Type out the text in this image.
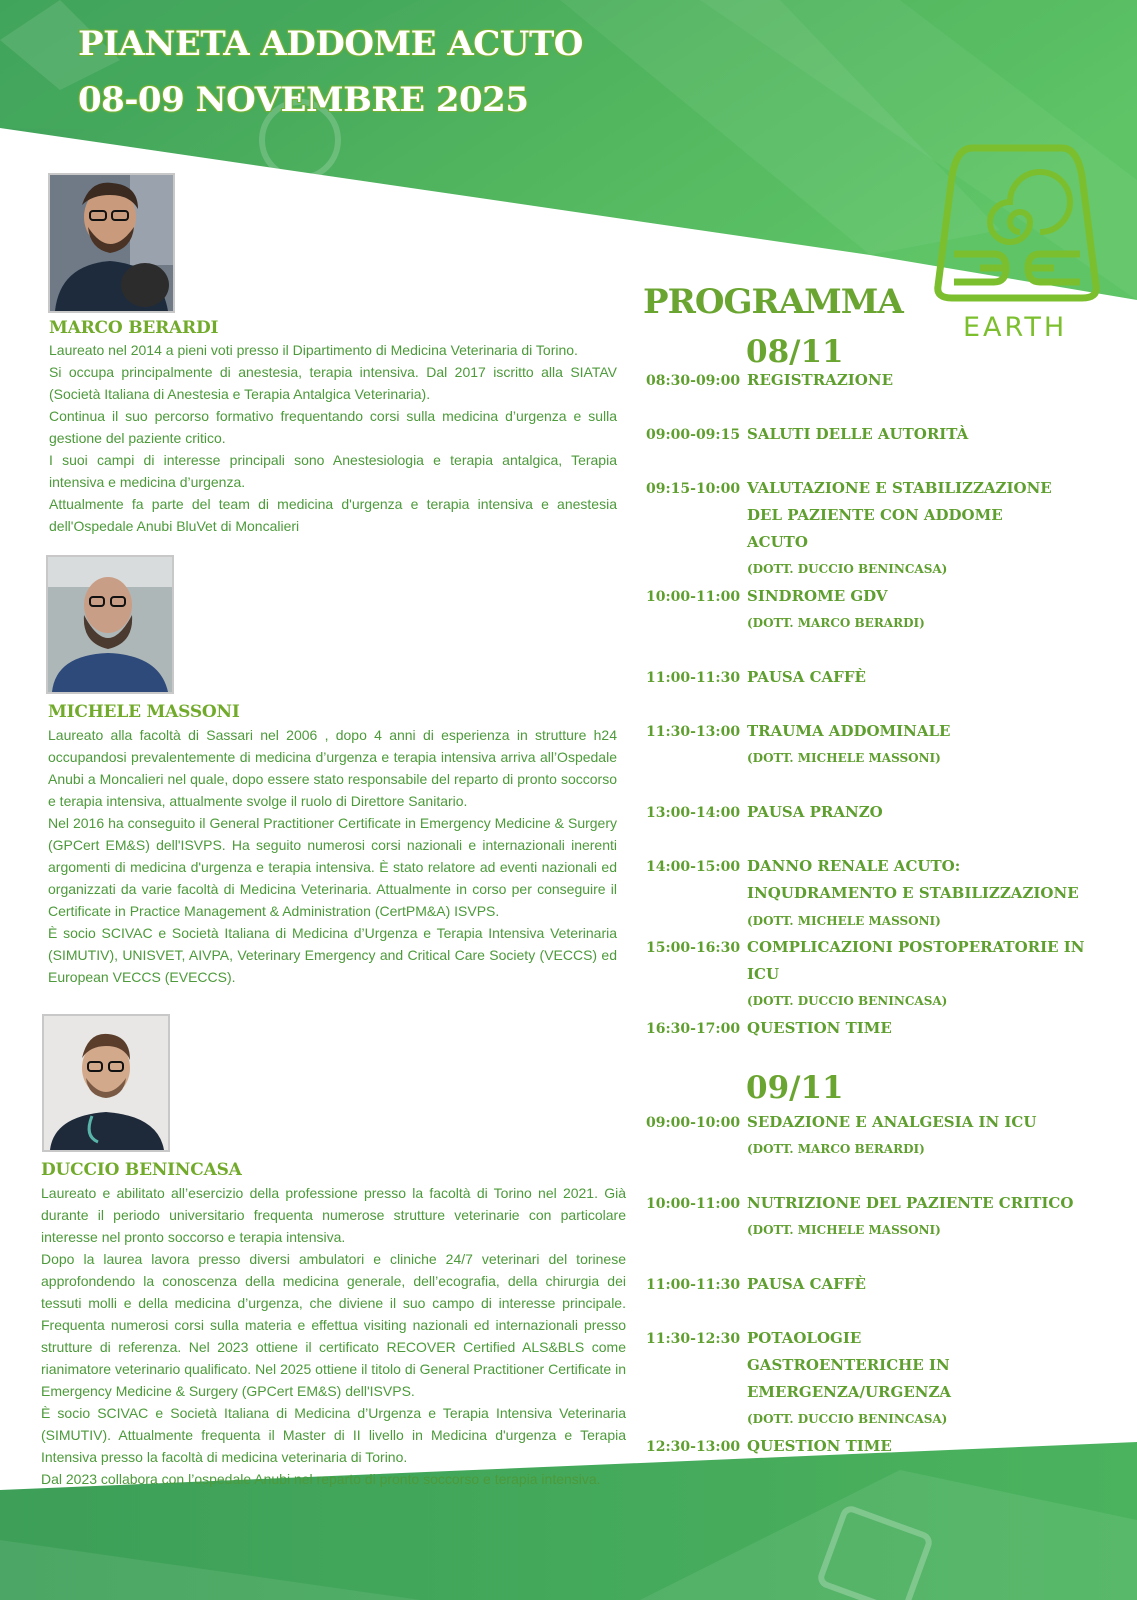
PIANETA ADDOME ACUTO
08-09 NOVEMBRE 2025
EARTH
MARCO BERARDI

Laureato nel 2014 a pieni voti presso il Dipartimento di Medicina Veterinaria di Torino.

Si occupa principalmente di anestesia, terapia intensiva. Dal 2017 iscritto alla SIATAV (Società Italiana di Anestesia e Terapia Antalgica Veterinaria).

Continua il suo percorso formativo frequentando corsi sulla medicina d’urgenza e sulla gestione del paziente critico.

I suoi campi di interesse principali sono Anestesiologia e terapia antalgica, Terapia intensiva e medicina d’urgenza.

Attualmente fa parte del team di medicina d'urgenza e terapia intensiva e anestesia dell'Ospedale Anubi BluVet di Moncalieri

MICHELE MASSONI

Laureato alla facoltà di Sassari nel 2006 , dopo 4 anni di esperienza in strutture h24 occupandosi prevalentemente di medicina d’urgenza e terapia intensiva arriva all’Ospedale Anubi a Moncalieri nel quale, dopo essere stato responsabile del reparto di pronto soccorso e terapia intensiva, attualmente svolge il ruolo di Direttore Sanitario.

Nel 2016 ha conseguito il General Practitioner Certificate in Emergency Medicine & Surgery (GPCert EM&S) dell'ISVPS. Ha seguito numerosi corsi nazionali e internazionali inerenti argomenti di medicina d'urgenza e terapia intensiva. È stato relatore ad eventi nazionali ed organizzati da varie facoltà di Medicina Veterinaria. Attualmente in corso per conseguire il Certificate in Practice Management & Administration (CertPM&A) ISVPS.

È socio SCIVAC e Società Italiana di Medicina d’Urgenza e Terapia Intensiva Veterinaria (SIMUTIV), UNISVET, AIVPA, Veterinary Emergency and Critical Care Society (VECCS) ed European VECCS (EVECCS).

DUCCIO BENINCASA

Laureato e abilitato all’esercizio della professione presso la facoltà di Torino nel 2021. Già durante il periodo universitario frequenta numerose strutture veterinarie con particolare interesse nel pronto soccorso e terapia intensiva.

Dopo la laurea lavora presso diversi ambulatori e cliniche 24/7 veterinari del torinese approfondendo la conoscenza della medicina generale, dell’ecografia, della chirurgia dei tessuti molli e della medicina d’urgenza, che diviene il suo campo di interesse principale. Frequenta numerosi corsi sulla materia e effettua visiting nazionali ed internazionali presso strutture di referenza. Nel 2023 ottiene il certificato RECOVER Certified ALS&BLS come rianimatore veterinario qualificato. Nel 2025 ottiene il titolo di General Practitioner Certificate in Emergency Medicine & Surgery (GPCert EM&S) dell'ISVPS.

È socio SCIVAC e Società Italiana di Medicina d’Urgenza e Terapia Intensiva Veterinaria (SIMUTIV). Attualmente frequenta il Master di II livello in Medicina d'urgenza e Terapia Intensiva presso la facoltà di medicina veterinaria di Torino.

Dal 2023 collabora con l’ospedale Anubi nel reparto di pronto soccorso e terapia intensiva.

PROGRAMMA
08/11
08:30-09:00 REGISTRAZIONE
09:00-09:15 SALUTI DELLE AUTORITÀ
09:15-10:00 VALUTAZIONE E STABILIZZAZIONE DEL PAZIENTE CON ADDOME ACUTO
(DOTT. DUCCIO BENINCASA)
10:00-11:00 SINDROME GDV
(DOTT. MARCO BERARDI)
11:00-11:30 PAUSA CAFFÈ
11:30-13:00 TRAUMA ADDOMINALE
(DOTT. MICHELE MASSONI)
13:00-14:00 PAUSA PRANZO
14:00-15:00 DANNO RENALE ACUTO: INQUDRAMENTO E STABILIZZAZIONE (DOTT. MICHELE MASSONI)
15:00-16:30 COMPLICAZIONI POSTOPERATORIE IN ICU
(DOTT. DUCCIO BENINCASA)
16:30-17:00 QUESTION TIME
09/11
09:00-10:00 SEDAZIONE E ANALGESIA IN ICU
(DOTT. MARCO BERARDI)
10:00-11:00 NUTRIZIONE DEL PAZIENTE CRITICO
(DOTT. MICHELE MASSONI)
11:00-11:30 PAUSA CAFFÈ
11:30-12:30 POTAOLOGIE GASTROENTERICHE IN EMERGENZA/URGENZA
(DOTT. DUCCIO BENINCASA)
12:30-13:00 QUESTION TIME
